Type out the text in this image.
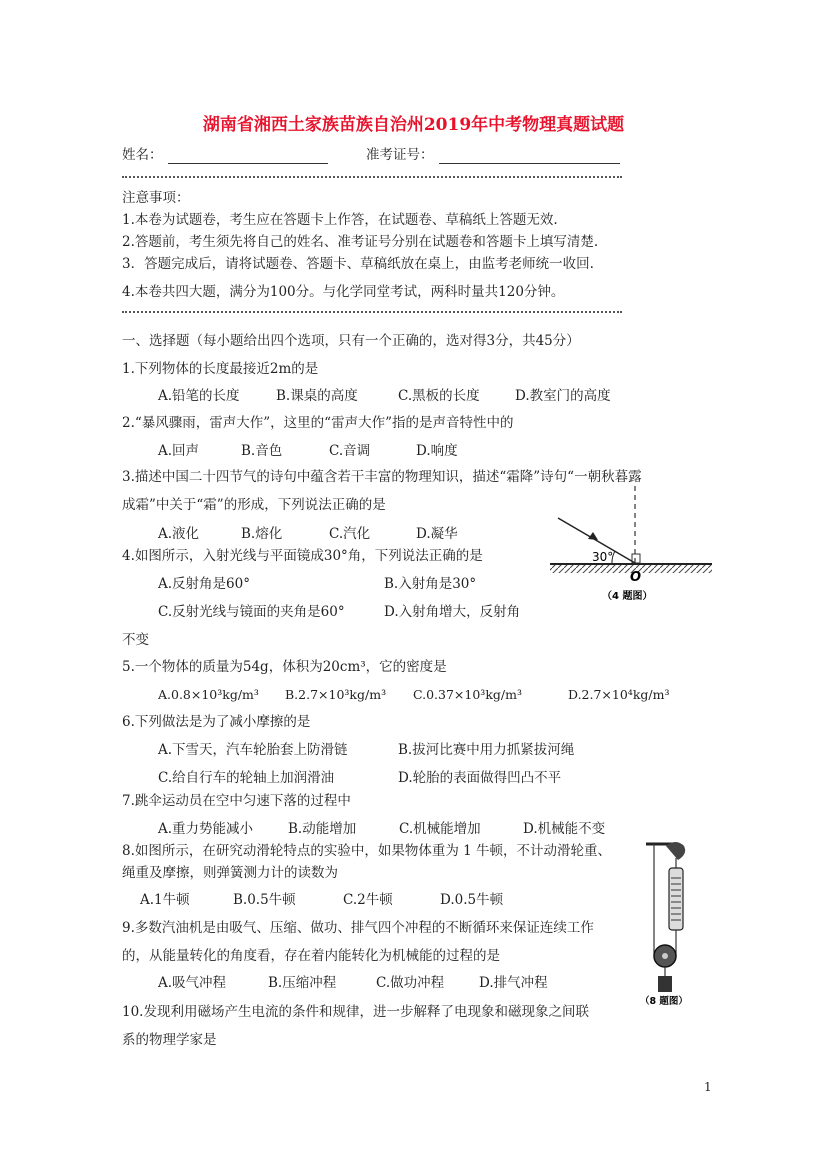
湖南省湘西土家族苗族自治州2019年中考物理真题试题
姓名：	准考证号：
注意事项：
1.本卷为试题卷，考生应在答题卡上作答，在试题卷、草稿纸上答题无效.
2.答题前，考生须先将自己的姓名、准考证号分别在试题卷和答题卡上填写清楚.
3．答题完成后，请将试题卷、答题卡、草稿纸放在桌上，由监考老师统一收回.
4.本卷共四大题，满分为100分。与化学同堂考试，两科时量共120分钟。
一、选择题（每小题给出四个选项，只有一个正确的，选对得3分，共45分）
1.下列物体的长度最接近2m的是
A.铅笔的长度	B.课桌的高度	C.黑板的长度	D.教室门的高度
2.“暴风骤雨，雷声大作”，这里的“雷声大作”指的是声音特性中的
A.回声	B.音色	C.音调	D.响度
3.描述中国二十四节气的诗句中蕴含若干丰富的物理知识，描述“霜降”诗句“一朝秋暮露
成霜”中关于“霜”的形成，下列说法正确的是
A.液化	B.熔化	C.汽化	D.凝华
4.如图所示，入射光线与平面镜成30°角，下列说法正确的是
A.反射角是60°	B.入射角是30°
C.反射光线与镜面的夹角是60°	D.入射角增大，反射角
不变
30°
O
（4 题图）
5.一个物体的质量为54g，体积为20cm³，它的密度是
A.0.8×10³kg/m³ B.2.7×10³kg/m³ C.0.37×10³kg/m³	D.2.7×10⁴kg/m³
6.下列做法是为了减小摩擦的是
A.下雪天，汽车轮胎套上防滑链	B.拔河比赛中用力抓紧拔河绳
C.给自行车的轮轴上加润滑油	D.轮胎的表面做得凹凸不平
7.跳伞运动员在空中匀速下落的过程中
A.重力势能减小	B.动能增加	C.机械能增加	D.机械能不变
8.如图所示，在研究动滑轮特点的实验中，如果物体重为 1 牛顿，不计动滑轮重、
绳重及摩擦，则弹簧测力计的读数为
A.1牛顿	B.0.5牛顿	C.2牛顿	D.0.5牛顿
（8 题图）
9.多数汽油机是由吸气、压缩、做功、排气四个冲程的不断循环来保证连续工作
的，从能量转化的角度看，存在着内能转化为机械能的过程的是
A.吸气冲程	B.压缩冲程	C.做功冲程	D.排气冲程
10.发现利用磁场产生电流的条件和规律，进一步解释了电现象和磁现象之间联
系的物理学家是
1
